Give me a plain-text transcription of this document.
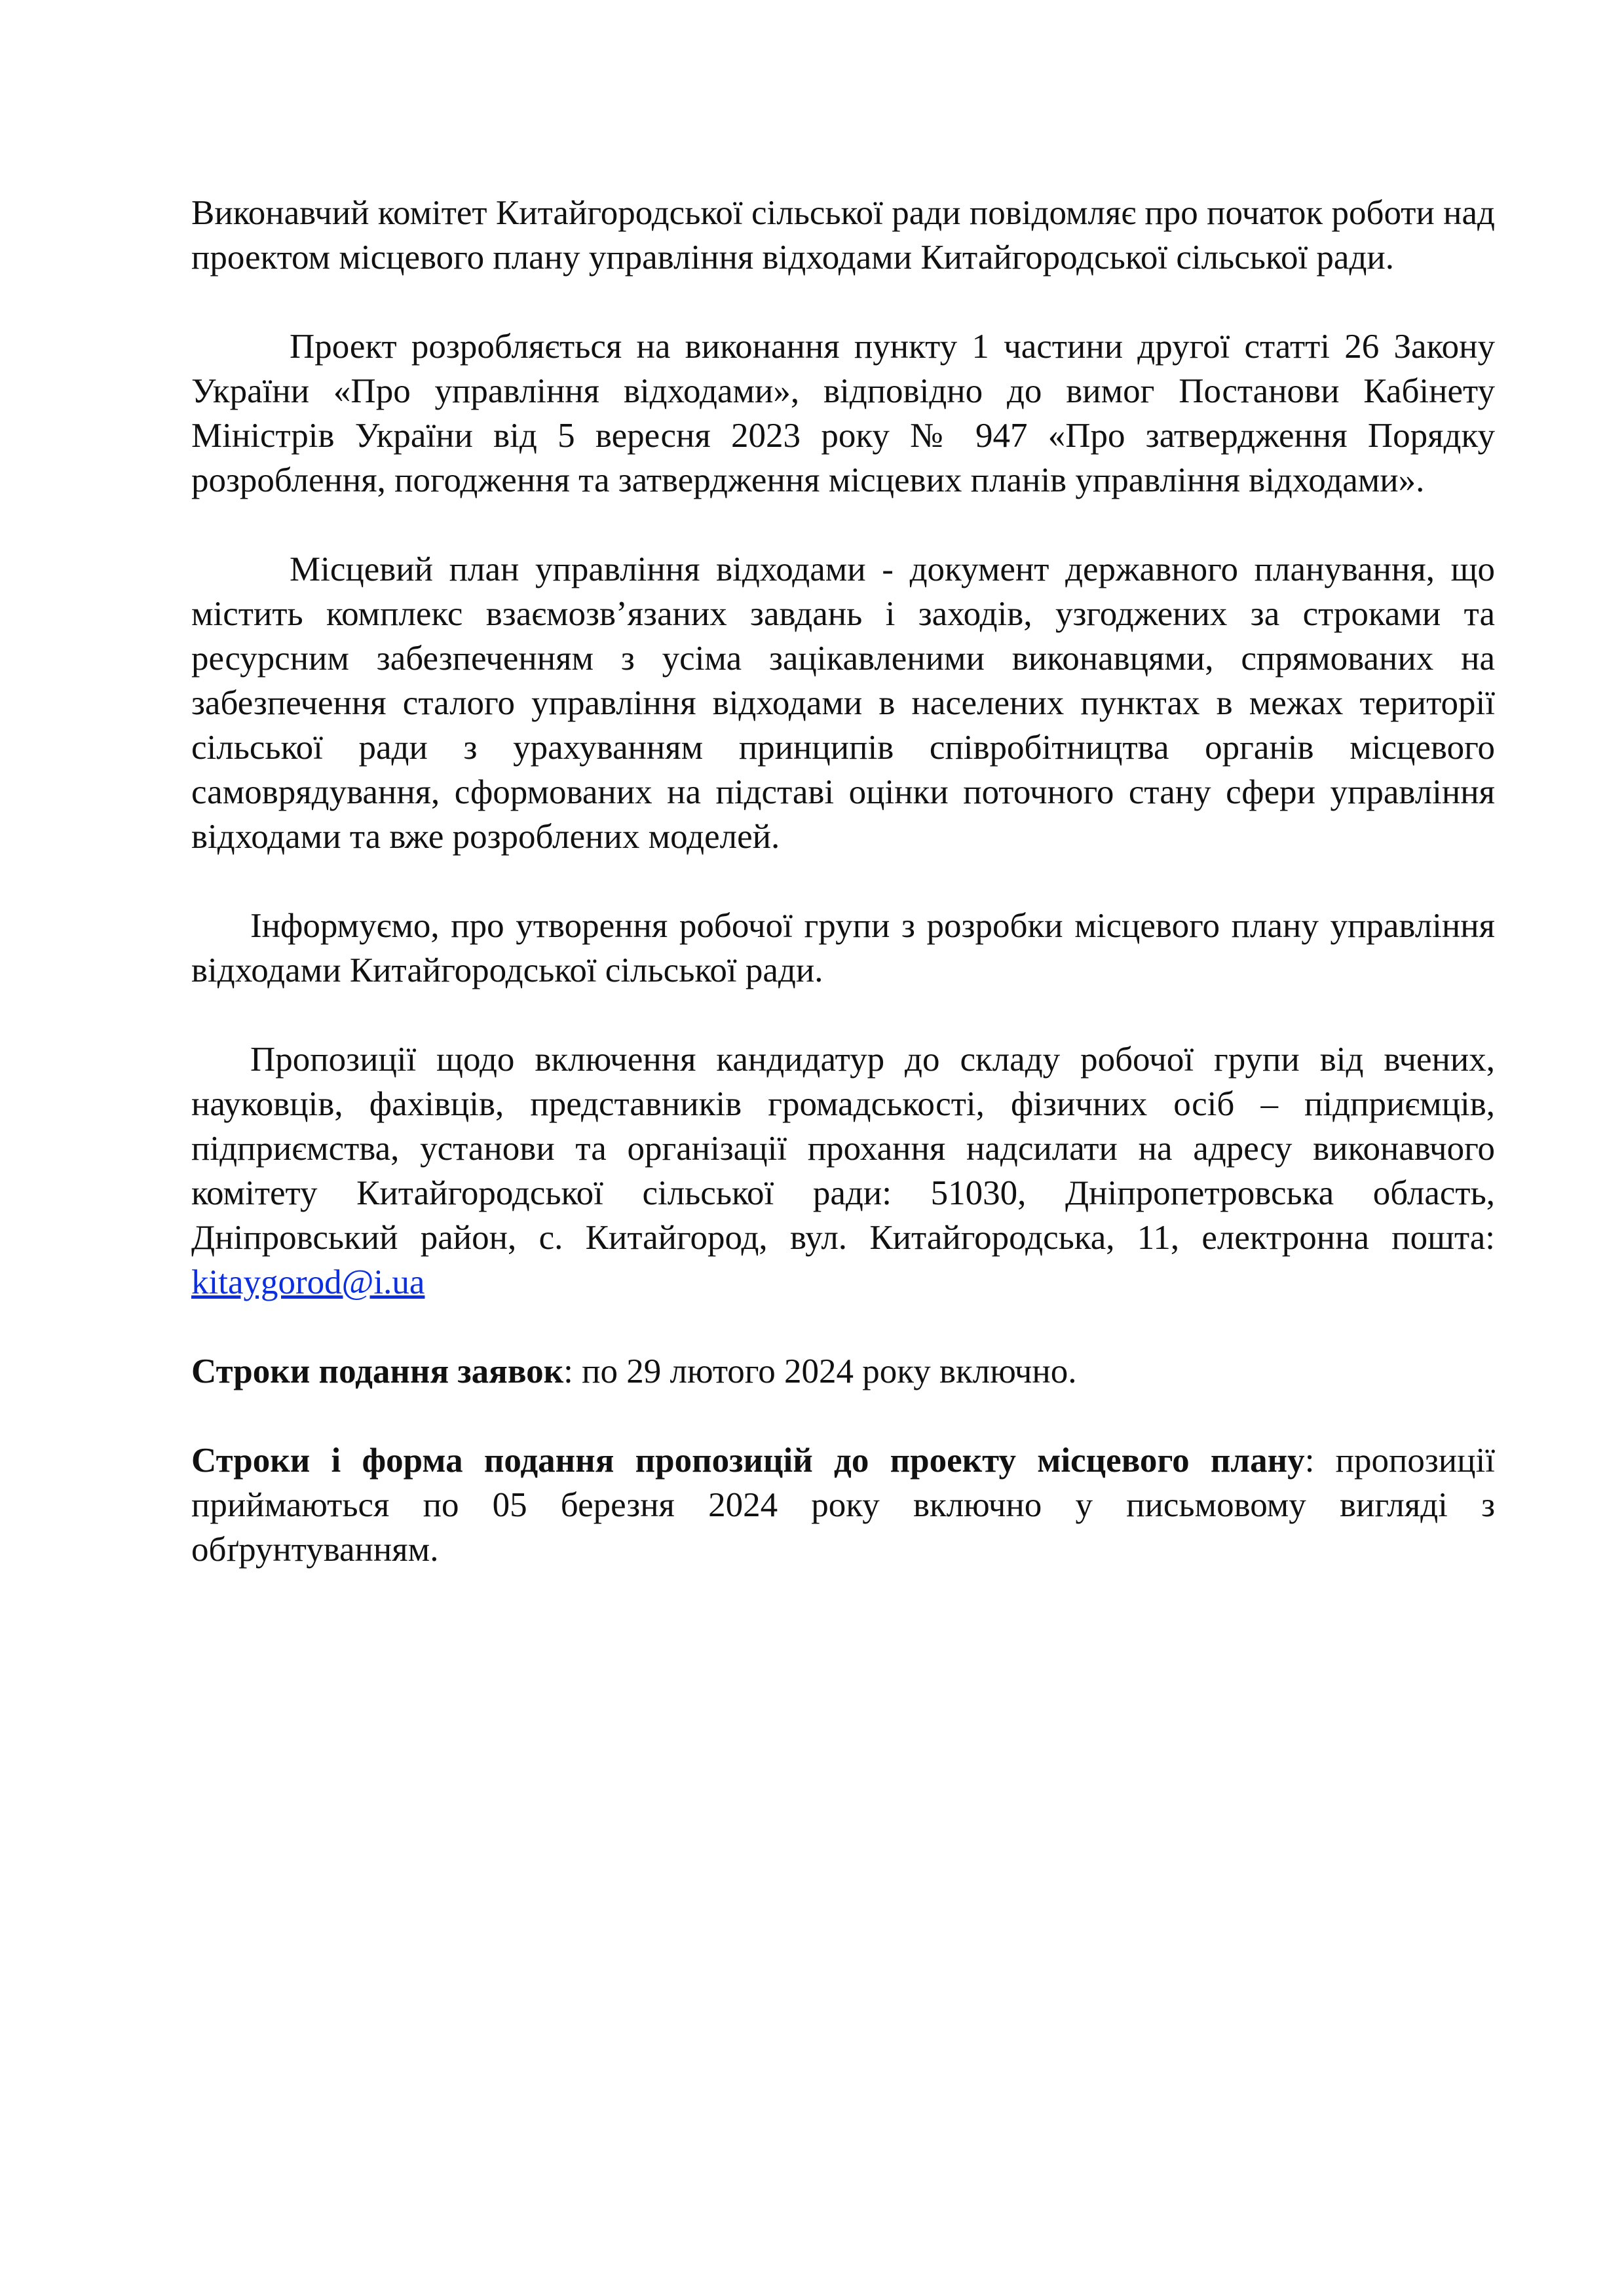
Виконавчий комітет Китайгородської сільської ради повідомляє про початок роботи над проектом місцевого плану управління відходами Китайгородської сільської ради.

Проект розробляється на виконання пункту 1 частини другої статті 26 Закону України «Про управління відходами», відповідно до вимог Постанови Кабінету Міністрів України від 5 вересня 2023 року № 947 «Про затвердження Порядку розроблення, погодження та затвердження місцевих планів управління відходами».

Місцевий план управління відходами - документ державного планування, що містить комплекс взаємозв’язаних завдань і заходів, узгоджених за строками та ресурсним забезпеченням з усіма зацікавленими виконавцями, спрямованих на забезпечення сталого управління відходами в населених пунктах в межах території сільської ради з урахуванням принципів співробітництва органів місцевого самоврядування, сформованих на підставі оцінки поточного стану сфери управління відходами та вже розроблених моделей.

Інформуємо, про утворення робочої групи з розробки місцевого плану управління відходами Китайгородської сільської ради.

Пропозиції щодо включення кандидатур до складу робочої групи від вчених, науковців, фахівців, представників громадськості, фізичних осіб – підприємців, підприємства, установи та організації прохання надсилати на адресу виконавчого комітету Китайгородської сільської ради: 51030, Дніпропетровська область, Дніпровський район, с. Китайгород, вул. Китайгородська, 11, електронна пошта: kitaygorod@i.ua

Строки подання заявок: по 29 лютого 2024 року включно.

Строки і форма подання пропозицій до проекту місцевого плану: пропозиції приймаються по 05 березня 2024 року включно у письмовому вигляді з обґрунтуванням.
